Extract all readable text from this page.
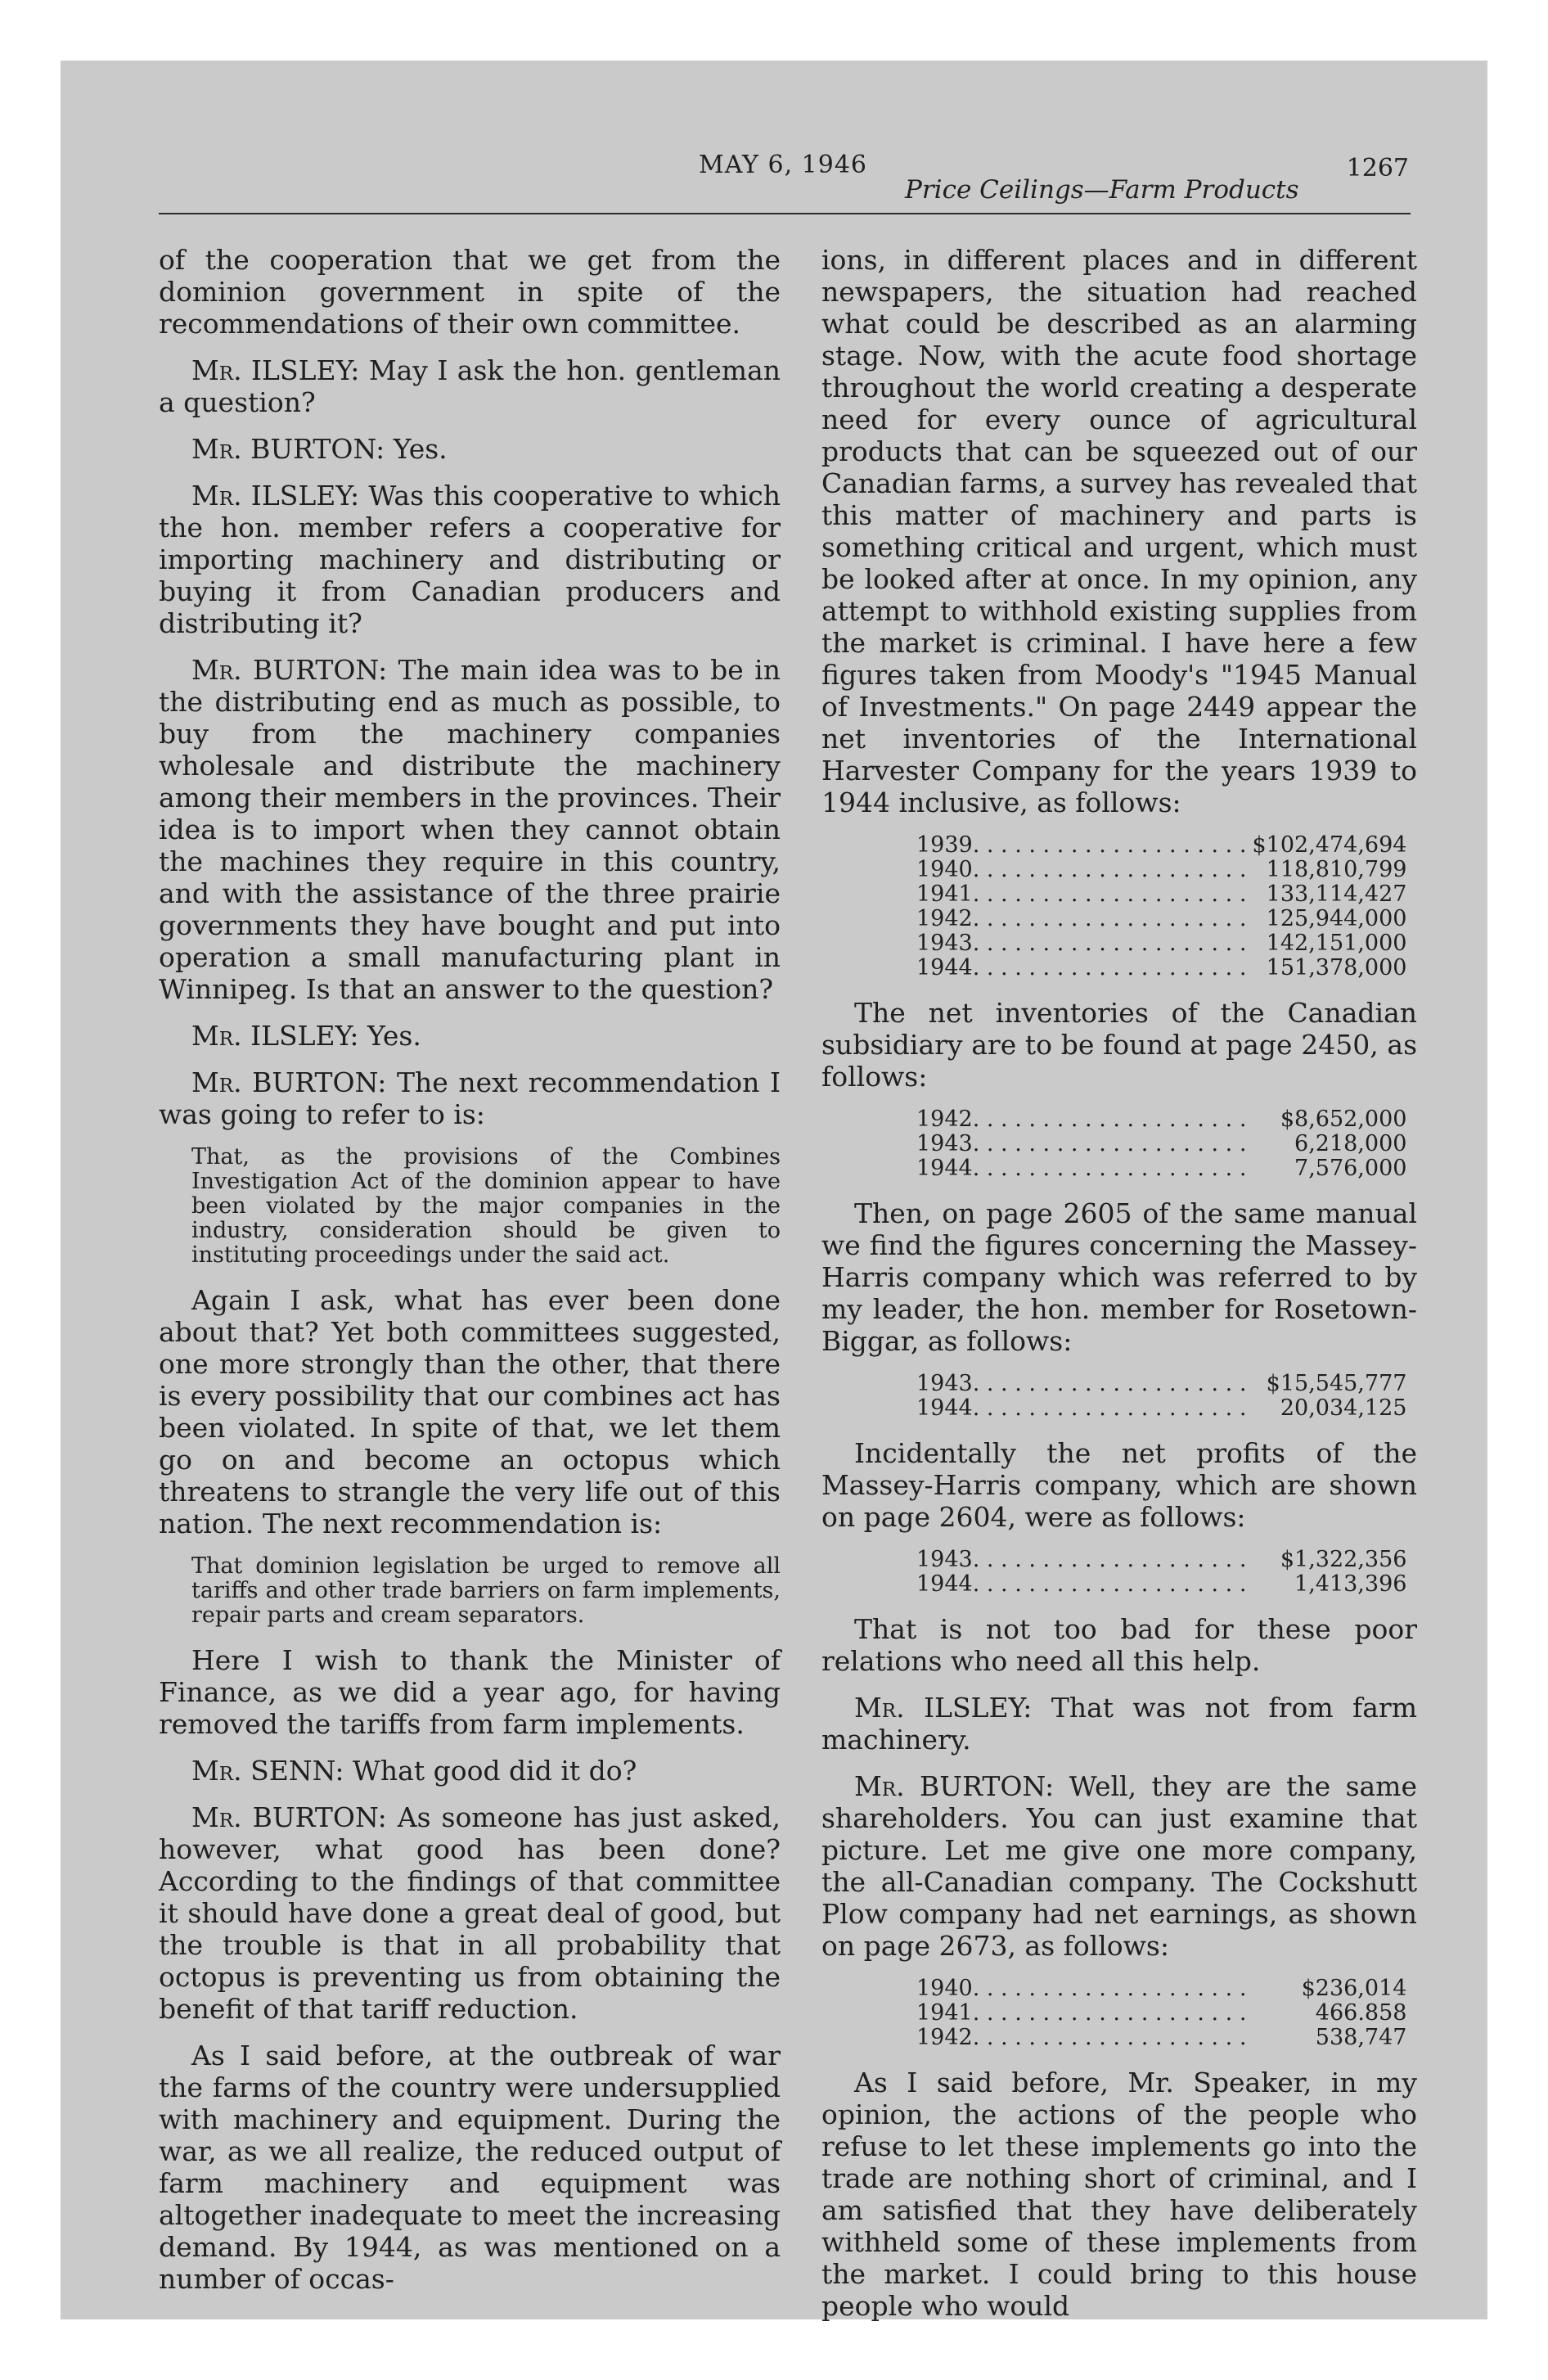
MAY 6, 1946
Price Ceilings—Farm Products
1267

of the cooperation that we get from the dominion government in spite of the recommendations of their own committee.

Mr. ILSLEY: May I ask the hon. gentleman a question?

Mr. BURTON: Yes.

Mr. ILSLEY: Was this cooperative to which the hon. member refers a cooperative for importing machinery and distributing or buying it from Canadian producers and distributing it?

Mr. BURTON: The main idea was to be in the distributing end as much as possible, to buy from the machinery companies wholesale and distribute the machinery among their members in the provinces. Their idea is to import when they cannot obtain the machines they require in this country, and with the assistance of the three prairie governments they have bought and put into operation a small manufacturing plant in Winnipeg. Is that an answer to the question?

Mr. ILSLEY: Yes.

Mr. BURTON: The next recommendation I was going to refer to is:

That, as the provisions of the Combines Investigation Act of the dominion appear to have been violated by the major companies in the industry, consideration should be given to instituting proceedings under the said act.

Again I ask, what has ever been done about that? Yet both committees suggested, one more strongly than the other, that there is every possibility that our combines act has been violated. In spite of that, we let them go on and become an octopus which threatens to strangle the very life out of this nation. The next recommendation is:

That dominion legislation be urged to remove all tariffs and other trade barriers on farm implements, repair parts and cream separators.

Here I wish to thank the Minister of Finance, as we did a year ago, for having removed the tariffs from farm implements.

Mr. SENN: What good did it do?

Mr. BURTON: As someone has just asked, however, what good has been done? According to the findings of that committee it should have done a great deal of good, but the trouble is that in all probability that octopus is preventing us from obtaining the benefit of that tariff reduction.

As I said before, at the outbreak of war the farms of the country were undersupplied with machinery and equipment. During the war, as we all realize, the reduced output of farm machinery and equipment was altogether inadequate to meet the increasing demand. By 1944, as was mentioned on a number of occas-

ions, in different places and in different newspapers, the situation had reached what could be described as an alarming stage. Now, with the acute food shortage throughout the world creating a desperate need for every ounce of agricultural products that can be squeezed out of our Canadian farms, a survey has revealed that this matter of machinery and parts is something critical and urgent, which must be looked after at once. In my opinion, any attempt to withhold existing supplies from the market is criminal. I have here a few figures taken from Moody's "1945 Manual of Investments." On page 2449 appear the net inventories of the International Harvester Company for the years 1939 to 1944 inclusive, as follows:

1939. . . . . . . . . . . . . . . . . . . .	$102,474,694
1940. . . . . . . . . . . . . . . . . . . .	118,810,799
1941. . . . . . . . . . . . . . . . . . . .	133,114,427
1942. . . . . . . . . . . . . . . . . . . .	125,944,000
1943. . . . . . . . . . . . . . . . . . . .	142,151,000
1944. . . . . . . . . . . . . . . . . . . .	151,378,000

The net inventories of the Canadian subsidiary are to be found at page 2450, as follows:

1942. . . . . . . . . . . . . . . . . . . .	$8,652,000
1943. . . . . . . . . . . . . . . . . . . .	6,218,000
1944. . . . . . . . . . . . . . . . . . . .	7,576,000

Then, on page 2605 of the same manual we find the figures concerning the Massey-Harris company which was referred to by my leader, the hon. member for Rosetown-Biggar, as follows:

1943. . . . . . . . . . . . . . . . . . . .	$15,545,777
1944. . . . . . . . . . . . . . . . . . . .	20,034,125

Incidentally the net profits of the Massey-Harris company, which are shown on page 2604, were as follows:

1943. . . . . . . . . . . . . . . . . . . .	$1,322,356
1944. . . . . . . . . . . . . . . . . . . .	1,413,396

That is not too bad for these poor relations who need all this help.

Mr. ILSLEY: That was not from farm machinery.

Mr. BURTON: Well, they are the same shareholders. You can just examine that picture. Let me give one more company, the all-Canadian company. The Cockshutt Plow company had net earnings, as shown on page 2673, as follows:

1940. . . . . . . . . . . . . . . . . . . .	$236,014
1941. . . . . . . . . . . . . . . . . . . .	466.858
1942. . . . . . . . . . . . . . . . . . . .	538,747

As I said before, Mr. Speaker, in my opinion, the actions of the people who refuse to let these implements go into the trade are nothing short of criminal, and I am satisfied that they have deliberately withheld some of these implements from the market. I could bring to this house people who would
